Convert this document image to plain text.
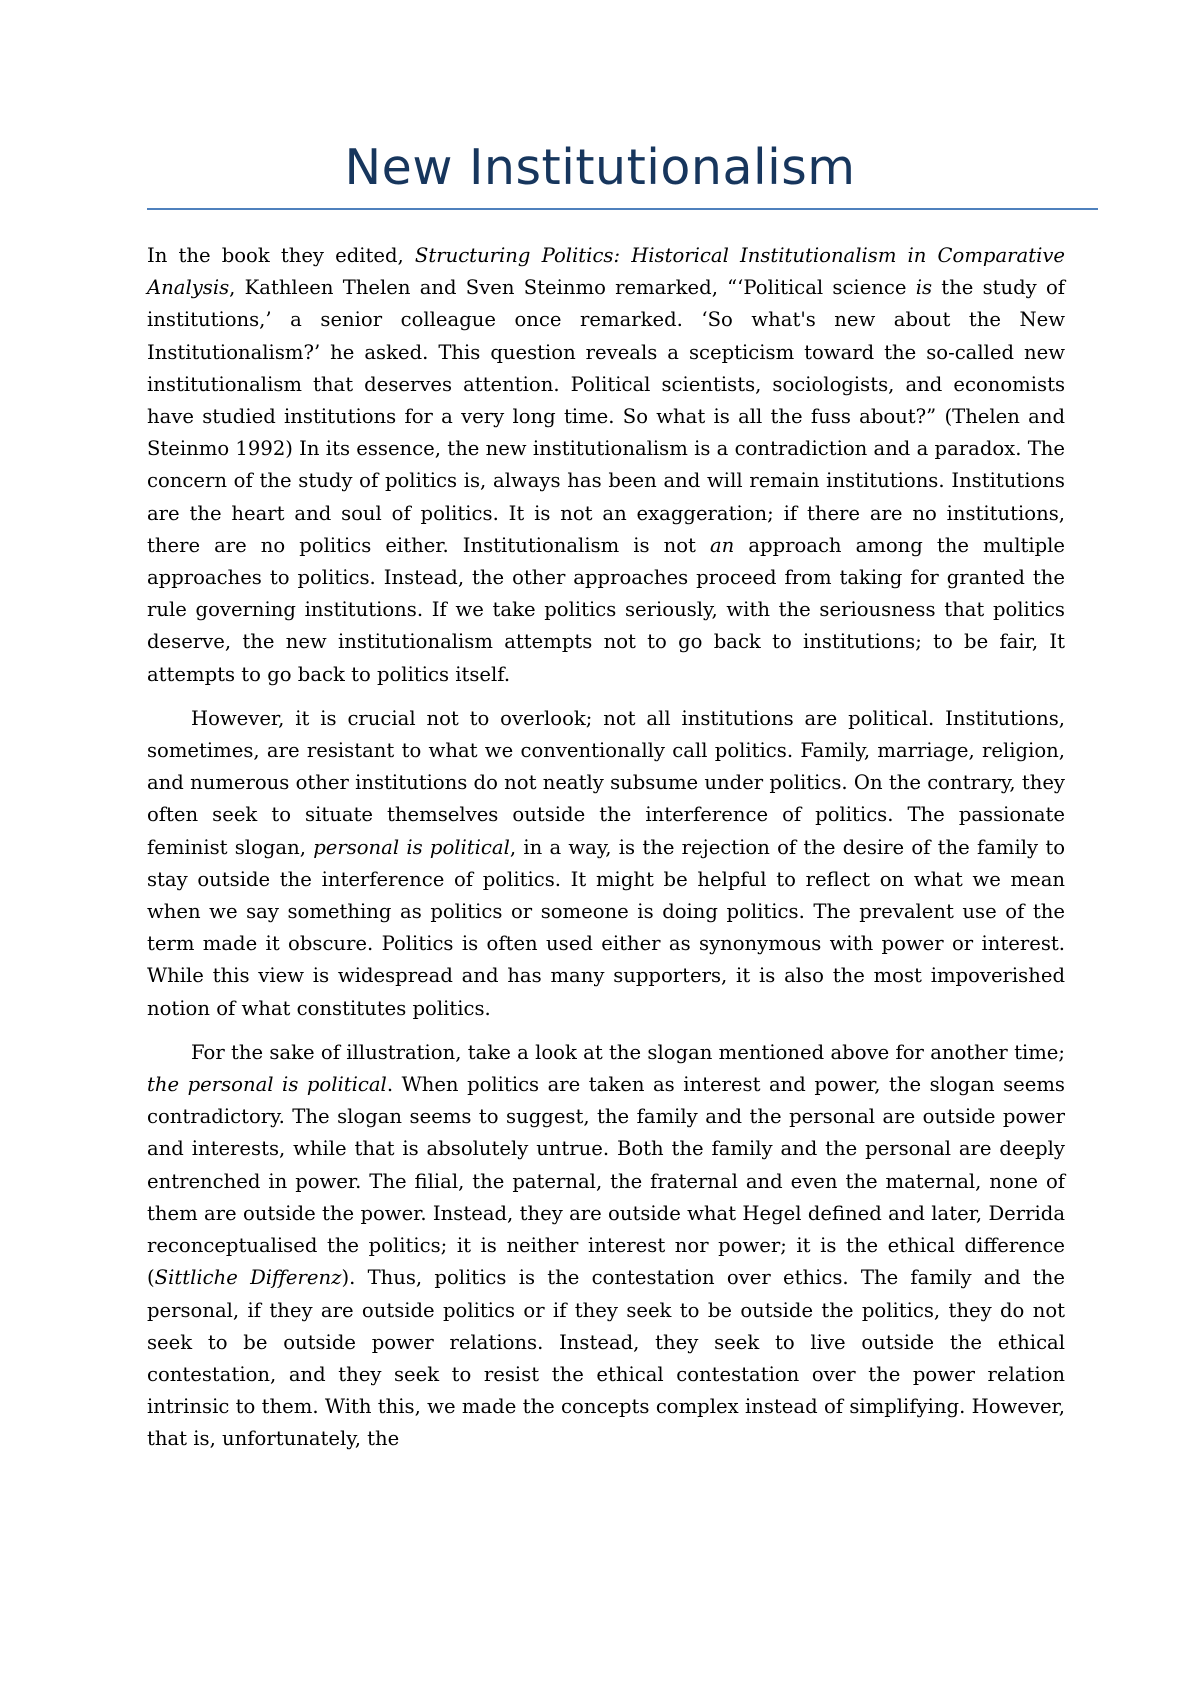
New Institutionalism

In the book they edited, Structuring Politics: Historical Institutionalism in Comparative Analysis, Kathleen Thelen and Sven Steinmo remarked, “‘Political science is the study of institutions,’ a senior colleague once remarked. ‘So what's new about the New Institutionalism?’ he asked. This question reveals a scepticism toward the so-called new institutionalism that deserves attention. Political scientists, sociologists, and economists have studied institutions for a very long time. So what is all the fuss about?” (Thelen and Steinmo 1992) In its essence, the new institutionalism is a contradiction and a paradox. The concern of the study of politics is, always has been and will remain institutions. Institutions are the heart and soul of politics. It is not an exaggeration; if there are no institutions, there are no politics either. Institutionalism is not an approach among the multiple approaches to politics. Instead, the other approaches proceed from taking for granted the rule governing institutions. If we take politics seriously, with the seriousness that politics deserve, the new institutionalism attempts not to go back to institutions; to be fair, It attempts to go back to politics itself.

However, it is crucial not to overlook; not all institutions are political. Institutions, sometimes, are resistant to what we conventionally call politics. Family, marriage, religion, and numerous other institutions do not neatly subsume under politics. On the contrary, they often seek to situate themselves outside the interference of politics. The passionate feminist slogan, personal is political, in a way, is the rejection of the desire of the family to stay outside the interference of politics. It might be helpful to reflect on what we mean when we say something as politics or someone is doing politics. The prevalent use of the term made it obscure. Politics is often used either as synonymous with power or interest. While this view is widespread and has many supporters, it is also the most impoverished notion of what constitutes politics.

For the sake of illustration, take a look at the slogan mentioned above for another time; the personal is political. When politics are taken as interest and power, the slogan seems contradictory. The slogan seems to suggest, the family and the personal are outside power and interests, while that is absolutely untrue. Both the family and the personal are deeply entrenched in power. The filial, the paternal, the fraternal and even the maternal, none of them are outside the power. Instead, they are outside what Hegel defined and later, Derrida reconceptualised the politics; it is neither interest nor power; it is the ethical difference (Sittliche Differenz). Thus, politics is the contestation over ethics. The family and the personal, if they are outside politics or if they seek to be outside the politics, they do not seek to be outside power relations. Instead, they seek to live outside the ethical contestation, and they seek to resist the ethical contestation over the power relation intrinsic to them. With this, we made the concepts complex instead of simplifying. However, that is, unfortunately, the
